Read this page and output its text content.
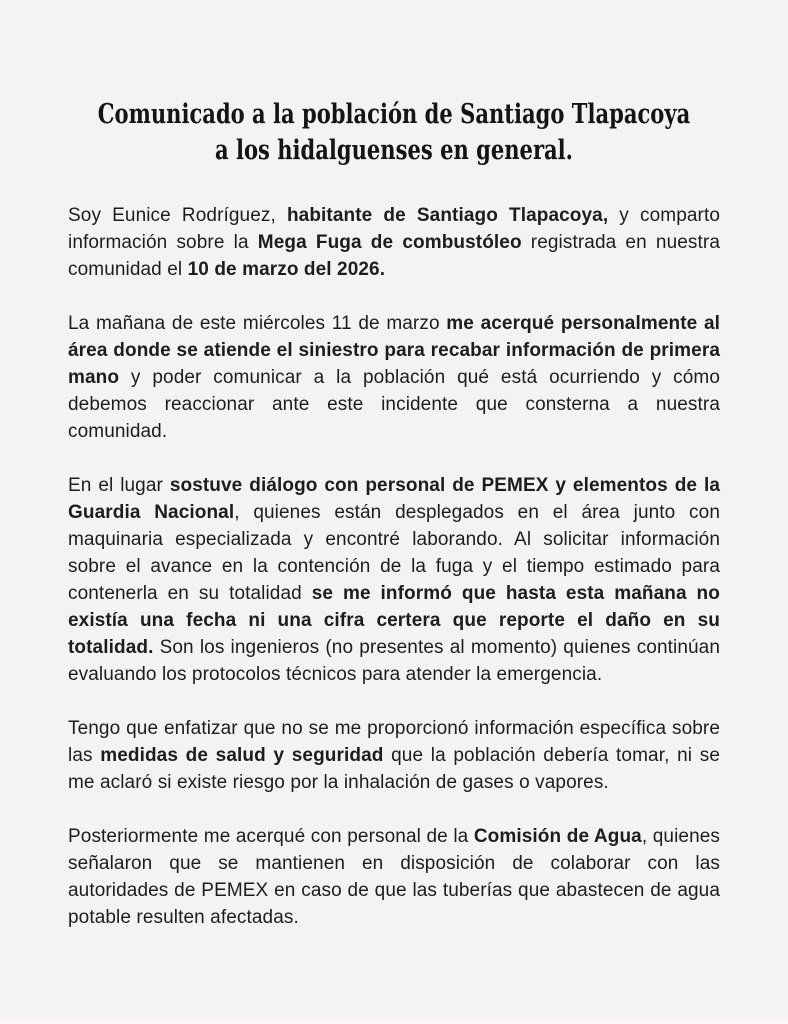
Comunicado a la población de Santiago Tlapacoya
a los hidalguenses en general.

Soy Eunice Rodríguez, habitante de Santiago Tlapacoya, y comparto información sobre la Mega Fuga de combustóleo registrada en nuestra comunidad el 10 de marzo del 2026.

La mañana de este miércoles 11 de marzo me acerqué personalmente al área donde se atiende el siniestro para recabar información de primera mano y poder comunicar a la población qué está ocurriendo y cómo debemos reaccionar ante este incidente que consterna a nuestra comunidad.

En el lugar sostuve diálogo con personal de PEMEX y elementos de la Guardia Nacional, quienes están desplegados en el área junto con maquinaria especializada y encontré laborando. Al solicitar información sobre el avance en la contención de la fuga y el tiempo estimado para contenerla en su totalidad se me informó que hasta esta mañana no existía una fecha ni una cifra certera que reporte el daño en su totalidad. Son los ingenieros (no presentes al momento) quienes continúan evaluando los protocolos técnicos para atender la emergencia.

Tengo que enfatizar que no se me proporcionó información específica sobre las medidas de salud y seguridad que la población debería tomar, ni se me aclaró si existe riesgo por la inhalación de gases o vapores.

Posteriormente me acerqué con personal de la Comisión de Agua, quienes señalaron que se mantienen en disposición de colaborar con las autoridades de PEMEX en caso de que las tuberías que abastecen de agua potable resulten afectadas.
